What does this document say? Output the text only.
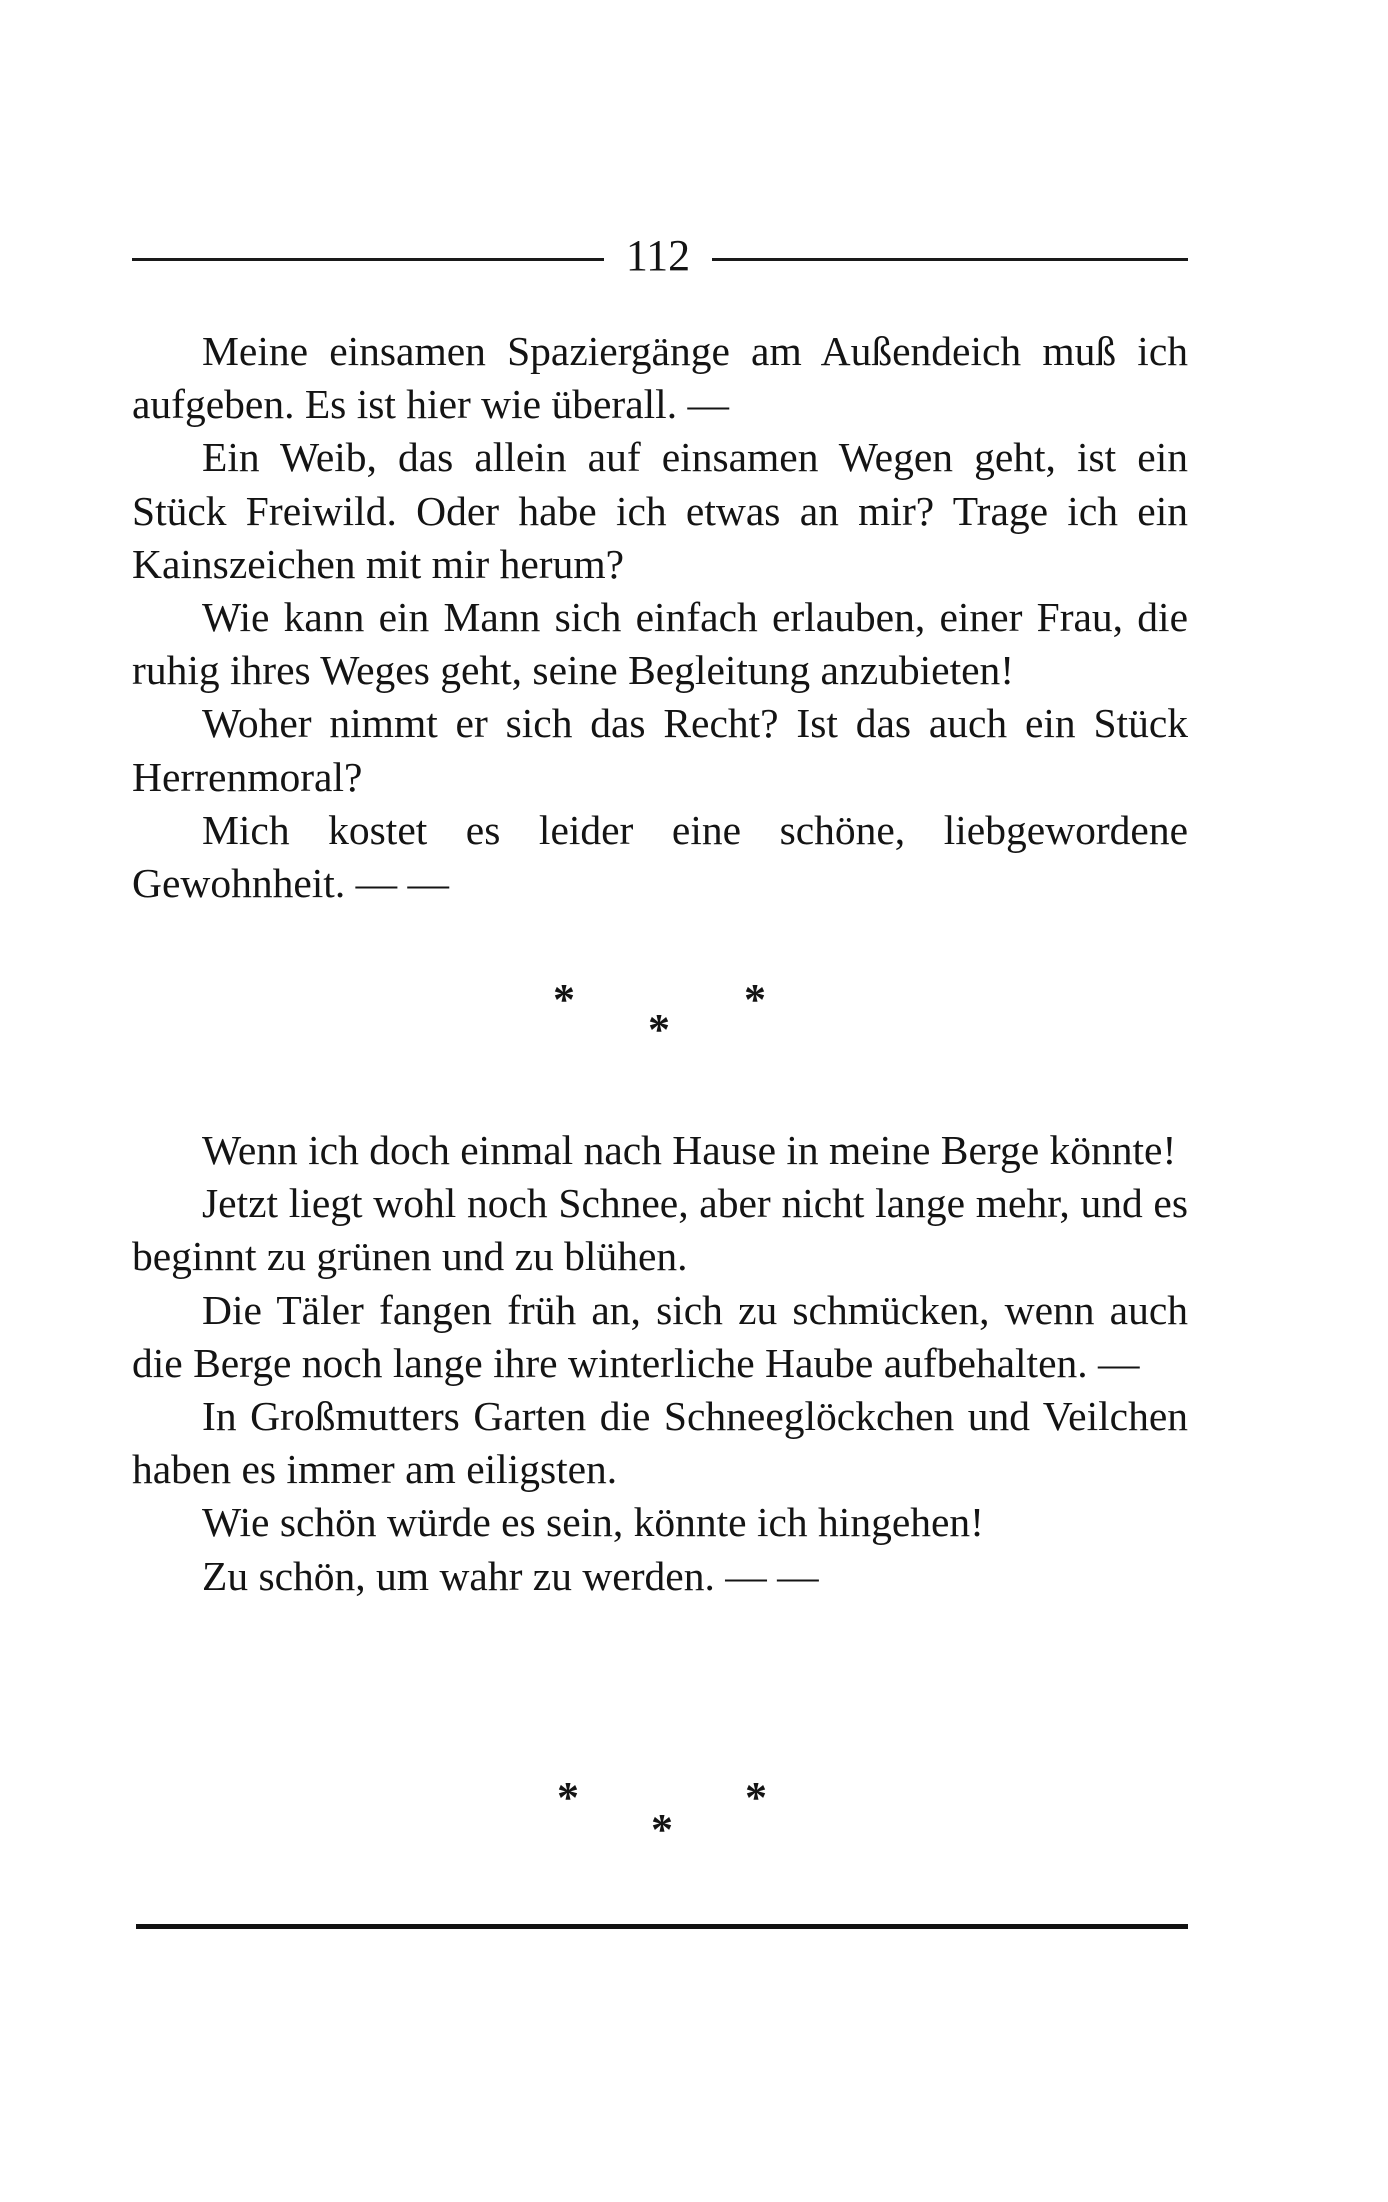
112

Meine einsamen Spaziergänge am Außendeich muß ich aufgeben. Es ist hier wie überall. —

Ein Weib, das allein auf einsamen Wegen geht, ist ein Stück Freiwild. Oder habe ich etwas an mir? Trage ich ein Kainszeichen mit mir herum?

Wie kann ein Mann sich einfach erlauben, einer Frau, die ruhig ihres Weges geht, seine Begleitung anzubieten!

Woher nimmt er sich das Recht? Ist das auch ein Stück Herrenmoral?

Mich kostet es leider eine schöne, liebgewordene Gewohnheit. — —

*	*
*

Wenn ich doch einmal nach Hause in meine Berge könnte!

Jetzt liegt wohl noch Schnee, aber nicht lange mehr, und es beginnt zu grünen und zu blühen.

Die Täler fangen früh an, sich zu schmücken, wenn auch die Berge noch lange ihre winterliche Haube aufbehalten. —

In Großmutters Garten die Schneeglöckchen und Veilchen haben es immer am eiligsten.

Wie schön würde es sein, könnte ich hingehen!

Zu schön, um wahr zu werden. — —

*	*
*
